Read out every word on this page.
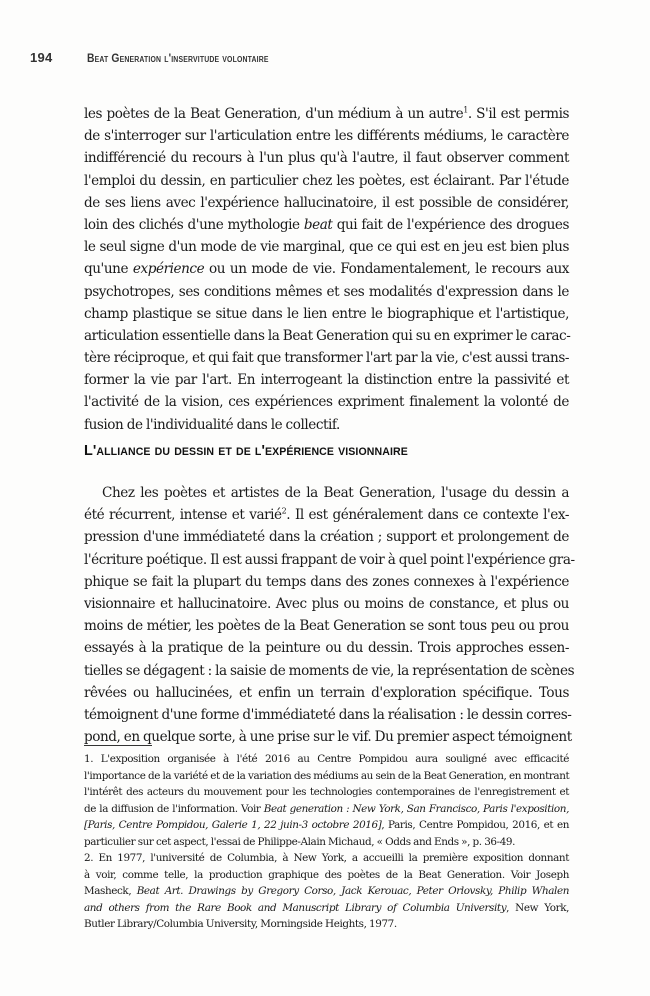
194	Beat Generation l'inservitude volontaire
les poètes de la Beat Generation, d'un médium à un autre$^1$. S'il est permis
de s'interroger sur l'articulation entre les différents médiums, le caractère
indifférencié du recours à l'un plus qu'à l'autre, il faut observer comment
l'emploi du dessin, en particulier chez les poètes, est éclairant. Par l'étude
de ses liens avec l'expérience hallucinatoire, il est possible de considérer,
loin des clichés d'une mythologie beat qui fait de l'expérience des drogues
le seul signe d'un mode de vie marginal, que ce qui est en jeu est bien plus
qu'une expérience ou un mode de vie. Fondamentalement, le recours aux
psychotropes, ses conditions mêmes et ses modalités d'expression dans le
champ plastique se situe dans le lien entre le biographique et l'artistique,
articulation essentielle dans la Beat Generation qui su en exprimer le carac-
tère réciproque, et qui fait que transformer l'art par la vie, c'est aussi trans-
former la vie par l'art. En interrogeant la distinction entre la passivité et
l'activité de la vision, ces expériences expriment finalement la volonté de
fusion de l'individualité dans le collectif.
L'alliance du dessin et de l'expérience visionnaire
Chez les poètes et artistes de la Beat Generation, l'usage du dessin a
été récurrent, intense et varié$^2$. Il est généralement dans ce contexte l'ex-
pression d'une immédiateté dans la création ; support et prolongement de
l'écriture poétique. Il est aussi frappant de voir à quel point l'expérience gra-
phique se fait la plupart du temps dans des zones connexes à l'expérience
visionnaire et hallucinatoire. Avec plus ou moins de constance, et plus ou
moins de métier, les poètes de la Beat Generation se sont tous peu ou prou
essayés à la pratique de la peinture ou du dessin. Trois approches essen-
tielles se dégagent : la saisie de moments de vie, la représentation de scènes
rêvées ou hallucinées, et enfin un terrain d'exploration spécifique. Tous
témoignent d'une forme d'immédiateté dans la réalisation : le dessin corres-
pond, en quelque sorte, à une prise sur le vif. Du premier aspect témoignent
1. L'exposition organisée à l'été 2016 au Centre Pompidou aura souligné avec efficacité
l'importance de la variété et de la variation des médiums au sein de la Beat Generation, en montrant
l'intérêt des acteurs du mouvement pour les technologies contemporaines de l'enregistrement et
de la diffusion de l'information. Voir Beat generation : New York, San Francisco, Paris l'exposition,
[Paris, Centre Pompidou, Galerie 1, 22 juin-3 octobre 2016], Paris, Centre Pompidou, 2016, et en
particulier sur cet aspect, l'essai de Philippe-Alain Michaud, « Odds and Ends », p. 36-49.
2. En 1977, l'université de Columbia, à New York, a accueilli la première exposition donnant
à voir, comme telle, la production graphique des poètes de la Beat Generation. Voir Joseph
Masheck, Beat Art. Drawings by Gregory Corso, Jack Kerouac, Peter Orlovsky, Philip Whalen
and others from the Rare Book and Manuscript Library of Columbia University, New York,
Butler Library/Columbia University, Morningside Heights, 1977.
